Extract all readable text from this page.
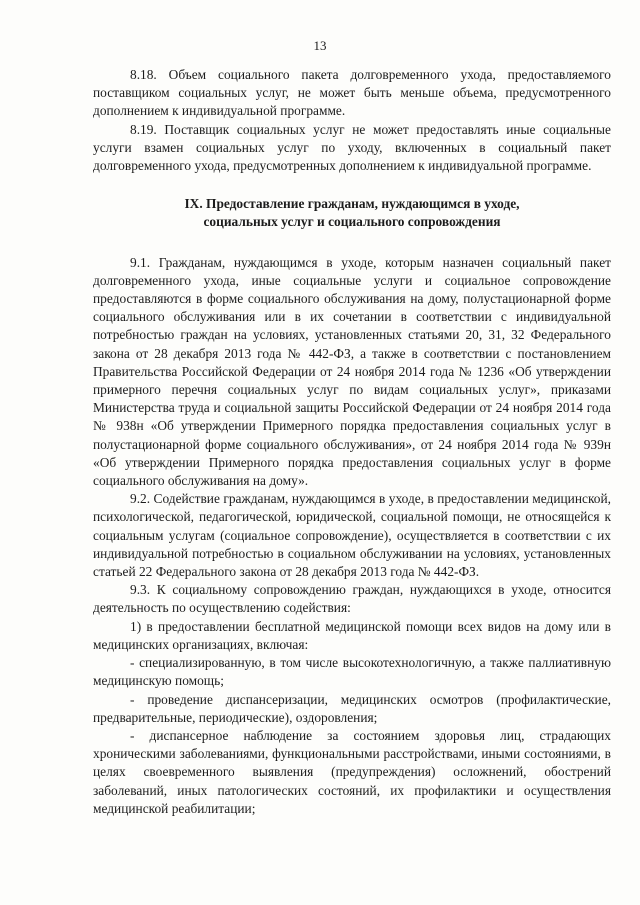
13

8.18. Объем социального пакета долговременного ухода, предоставляемого поставщиком социальных услуг, не может быть меньше объема, предусмотренного дополнением к индивидуальной программе.

8.19. Поставщик социальных услуг не может предоставлять иные социальные услуги взамен социальных услуг по уходу, включенных в социальный пакет долговременного ухода, предусмотренных дополнением к индивидуальной программе.

IX. Предоставление гражданам, нуждающимся в уходе,
социальных услуг и социального сопровождения

9.1. Гражданам, нуждающимся в уходе, которым назначен социальный пакет долговременного ухода, иные социальные услуги и социальное сопровождение предоставляются в форме социального обслуживания на дому, полустационарной форме социального обслуживания или в их сочетании в соответствии с индивидуальной потребностью граждан на условиях, установленных статьями 20, 31, 32 Федерального закона от 28 декабря 2013 года № 442-ФЗ, а также в соответствии с постановлением Правительства Российской Федерации от 24 ноября 2014 года № 1236 «Об утверждении примерного перечня социальных услуг по видам социальных услуг», приказами Министерства труда и социальной защиты Российской Федерации от 24 ноября 2014 года № 938н «Об утверждении Примерного порядка предоставления социальных услуг в полустационарной форме социального обслуживания», от 24 ноября 2014 года № 939н «Об утверждении Примерного порядка предоставления социальных услуг в форме социального обслуживания на дому».

9.2. Содействие гражданам, нуждающимся в уходе, в предоставлении медицинской, психологической, педагогической, юридической, социальной помощи, не относящейся к социальным услугам (социальное сопровождение), осуществляется в соответствии с их индивидуальной потребностью в социальном обслуживании на условиях, установленных статьей 22 Федерального закона от 28 декабря 2013 года № 442-ФЗ.

9.3. К социальному сопровождению граждан, нуждающихся в уходе, относится деятельность по осуществлению содействия:

1) в предоставлении бесплатной медицинской помощи всех видов на дому или в медицинских организациях, включая:

- специализированную, в том числе высокотехнологичную, а также паллиативную медицинскую помощь;

- проведение диспансеризации, медицинских осмотров (профилактические, предварительные, периодические), оздоровления;

- диспансерное наблюдение за состоянием здоровья лиц, страдающих хроническими заболеваниями, функциональными расстройствами, иными состояниями, в целях своевременного выявления (предупреждения) осложнений, обострений заболеваний, иных патологических состояний, их профилактики и осуществления медицинской реабилитации;
